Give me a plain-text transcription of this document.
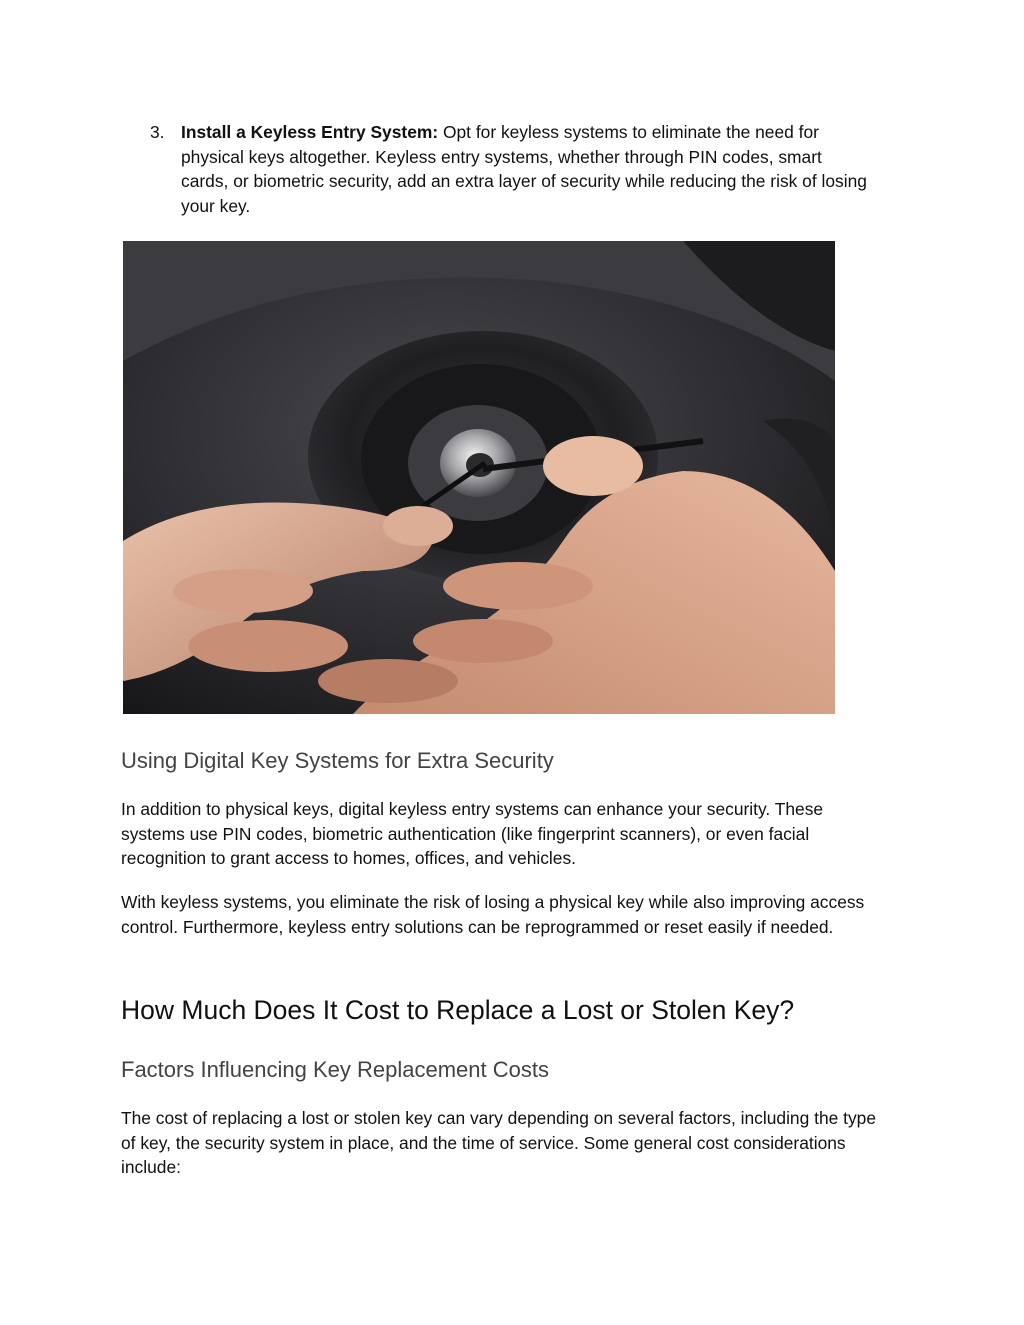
3. Install a Keyless Entry System: Opt for keyless systems to eliminate the need for physical keys altogether. Keyless entry systems, whether through PIN codes, smart cards, or biometric security, add an extra layer of security while reducing the risk of losing your key.
Using Digital Key Systems for Extra Security

In addition to physical keys, digital keyless entry systems can enhance your security. These systems use PIN codes, biometric authentication (like fingerprint scanners), or even facial recognition to grant access to homes, offices, and vehicles.

With keyless systems, you eliminate the risk of losing a physical key while also improving access control. Furthermore, keyless entry solutions can be reprogrammed or reset easily if needed.

How Much Does It Cost to Replace a Lost or Stolen Key?
Factors Influencing Key Replacement Costs

The cost of replacing a lost or stolen key can vary depending on several factors, including the type of key, the security system in place, and the time of service. Some general cost considerations include:
